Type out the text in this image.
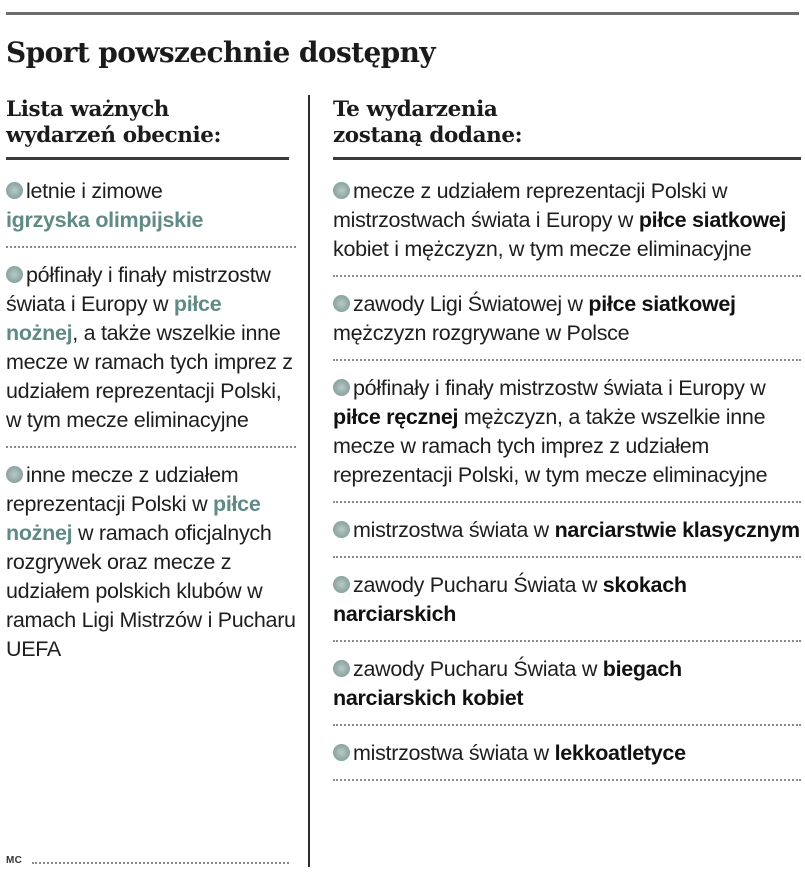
Sport powszechnie dostępny
Lista ważnych
wydarzeń obecnie:
Te wydarzenia
zostaną dodane:
letnie i zimowe
igrzyska olimpijskie
półfinały i finały mistrzostw świata i Europy w piłce nożnej, a także wszelkie inne mecze w ramach tych imprez z udziałem reprezentacji Polski, w tym mecze eliminacyjne
inne mecze z udziałem reprezentacji Polski w piłce nożnej w ramach oficjalnych rozgrywek oraz mecze z udziałem polskich klubów w ramach Ligi Mistrzów i Pucharu UEFA
mecze z udziałem reprezentacji Polski w mistrzostwach świata i Europy w piłce siatkowej kobiet i mężczyzn, w tym mecze eliminacyjne
zawody Ligi Światowej w piłce siatkowej mężczyzn rozgrywane w Polsce
półfinały i finały mistrzostw świata i Europy w piłce ręcznej mężczyzn, a także wszelkie inne mecze w ramach tych imprez z udziałem reprezentacji Polski, w tym mecze eliminacyjne
mistrzostwa świata w narciarstwie klasycznym
zawody Pucharu Świata w skokach narciarskich
zawody Pucharu Świata w biegach narciarskich kobiet
mistrzostwa świata w lekkoatletyce
MC
